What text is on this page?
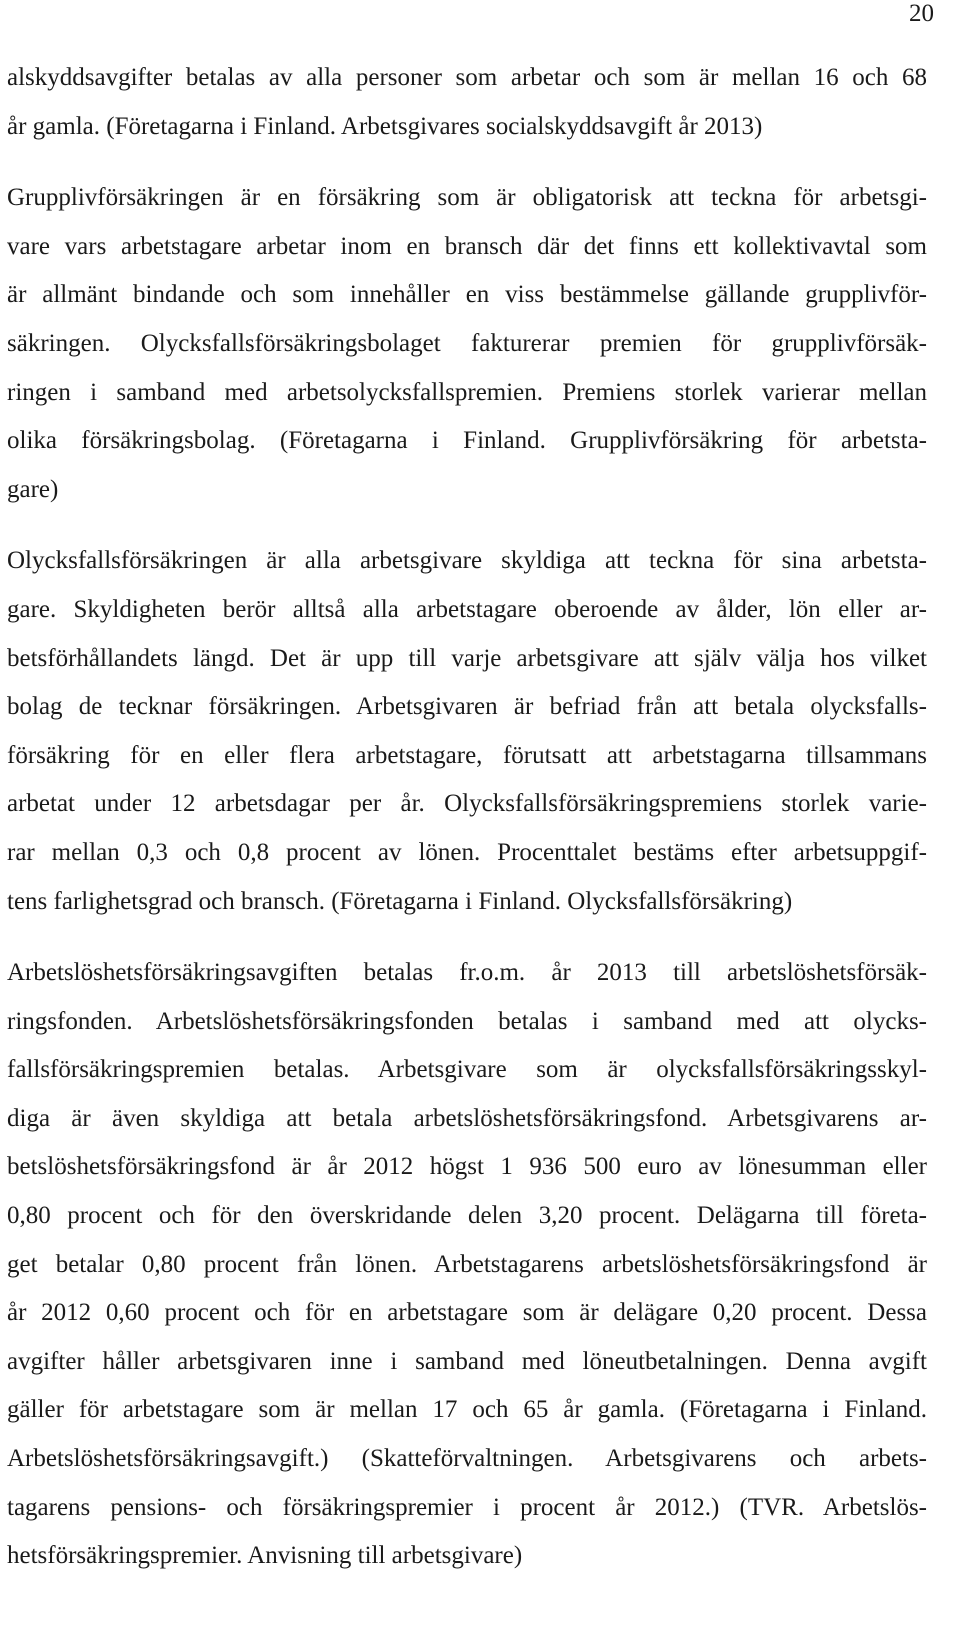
20
alskyddsavgifter betalas av alla personer som arbetar och som är mellan 16 och 68
år gamla. (Företagarna i Finland. Arbetsgivares socialskyddsavgift år 2013)
Grupplivförsäkringen är en försäkring som är obligatorisk att teckna för arbetsgi-
vare vars arbetstagare arbetar inom en bransch där det finns ett kollektivavtal som
är allmänt bindande och som innehåller en viss bestämmelse gällande grupplivför-
säkringen. Olycksfallsförsäkringsbolaget fakturerar premien för grupplivförsäk-
ringen i samband med arbetsolycksfallspremien. Premiens storlek varierar mellan
olika försäkringsbolag. (Företagarna i Finland. Grupplivförsäkring för arbetsta-
gare)
Olycksfallsförsäkringen är alla arbetsgivare skyldiga att teckna för sina arbetsta-
gare. Skyldigheten berör alltså alla arbetstagare oberoende av ålder, lön eller ar-
betsförhållandets längd. Det är upp till varje arbetsgivare att själv välja hos vilket
bolag de tecknar försäkringen. Arbetsgivaren är befriad från att betala olycksfalls-
försäkring för en eller flera arbetstagare, förutsatt att arbetstagarna tillsammans
arbetat under 12 arbetsdagar per år. Olycksfallsförsäkringspremiens storlek varie-
rar mellan 0,3 och 0,8 procent av lönen. Procenttalet bestäms efter arbetsuppgif-
tens farlighetsgrad och bransch. (Företagarna i Finland. Olycksfallsförsäkring)
Arbetslöshetsförsäkringsavgiften betalas fr.o.m. år 2013 till arbetslöshetsförsäk-
ringsfonden. Arbetslöshetsförsäkringsfonden betalas i samband med att olycks-
fallsförsäkringspremien betalas. Arbetsgivare som är olycksfallsförsäkringsskyl-
diga är även skyldiga att betala arbetslöshetsförsäkringsfond. Arbetsgivarens ar-
betslöshetsförsäkringsfond är år 2012 högst 1 936 500 euro av lönesumman eller
0,80 procent och för den överskridande delen 3,20 procent. Delägarna till företa-
get betalar 0,80 procent från lönen. Arbetstagarens arbetslöshetsförsäkringsfond är
år 2012 0,60 procent och för en arbetstagare som är delägare 0,20 procent. Dessa
avgifter håller arbetsgivaren inne i samband med löneutbetalningen. Denna avgift
gäller för arbetstagare som är mellan 17 och 65 år gamla. (Företagarna i Finland.
Arbetslöshetsförsäkringsavgift.) (Skatteförvaltningen. Arbetsgivarens och arbets-
tagarens pensions- och försäkringspremier i procent år 2012.) (TVR. Arbetslös-
hetsförsäkringspremier. Anvisning till arbetsgivare)
